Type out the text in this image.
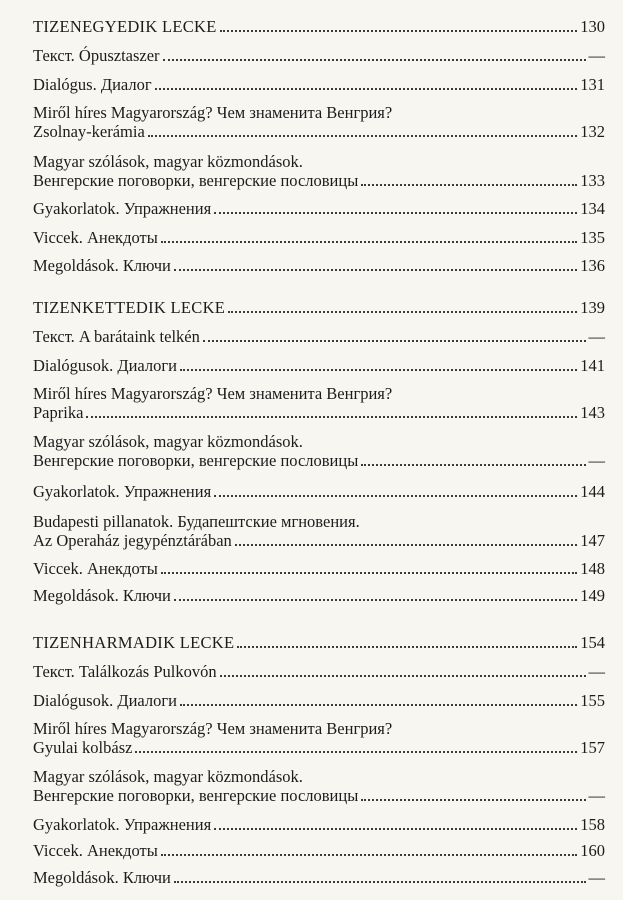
TIZENEGYEDIK LECKE	130
Текст. Ópusztaszer	—
Dialógus. Диалог	131
Miről híres Magyarország? Чем знаменита Венгрия?
Zsolnay-kerámia	132
Magyar szólások, magyar közmondások.
Венгерские поговорки, венгерские пословицы	133
Gyakorlatok. Упражнения	134
Viccek. Анекдоты	135
Megoldások. Ключи	136
TIZENKETTEDIK LECKE	139
Текст. A barátaink telkén	—
Dialógusok. Диалоги	141
Miről híres Magyarország? Чем знаменита Венгрия?
Paprika	143
Magyar szólások, magyar közmondások.
Венгерские поговорки, венгерские пословицы	—
Gyakorlatok. Упражнения	144
Budapesti pillanatok. Будапештские мгновения.
Az Operaház jegypénztárában	147
Viccek. Анекдоты	148
Megoldások. Ключи	149
TIZENHARMADIK LECKE	154
Текст. Találkozás Pulkovón	—
Dialógusok. Диалоги	155
Miről híres Magyarország? Чем знаменита Венгрия?
Gyulai kolbász	157
Magyar szólások, magyar közmondások.
Венгерские поговорки, венгерские пословицы	—
Gyakorlatok. Упражнения	158
Viccek. Анекдоты	160
Megoldások. Ключи	—
